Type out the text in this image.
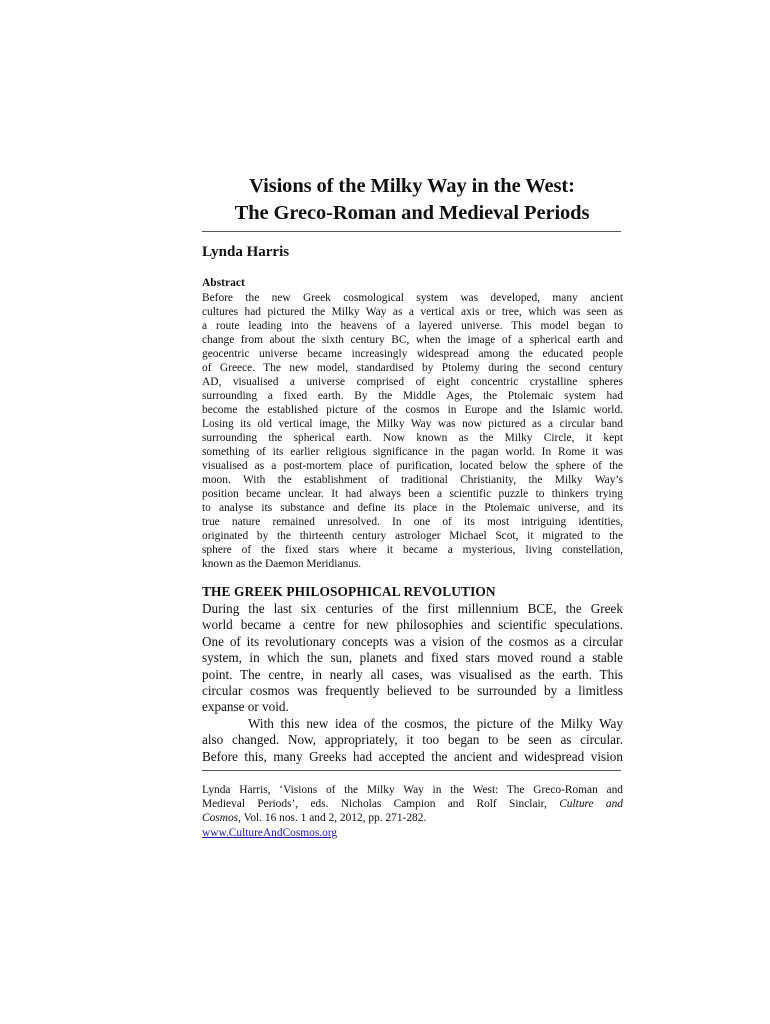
Visions of the Milky Way in the West:
The Greco-Roman and Medieval Periods
Lynda Harris
Abstract
Before the new Greek cosmological system was developed, many ancient
cultures had pictured the Milky Way as a vertical axis or tree, which was seen as
a route leading into the heavens of a layered universe. This model began to
change from about the sixth century BC, when the image of a spherical earth and
geocentric universe became increasingly widespread among the educated people
of Greece. The new model, standardised by Ptolemy during the second century
AD, visualised a universe comprised of eight concentric crystalline spheres
surrounding a fixed earth. By the Middle Ages, the Ptolemaic system had
become the established picture of the cosmos in Europe and the Islamic world.
Losing its old vertical image, the Milky Way was now pictured as a circular band
surrounding the spherical earth. Now known as the Milky Circle, it kept
something of its earlier religious significance in the pagan world. In Rome it was
visualised as a post-mortem place of purification, located below the sphere of the
moon. With the establishment of traditional Christianity, the Milky Way’s
position became unclear. It had always been a scientific puzzle to thinkers trying
to analyse its substance and define its place in the Ptolemaic universe, and its
true nature remained unresolved. In one of its most intriguing identities,
originated by the thirteenth century astrologer Michael Scot, it migrated to the
sphere of the fixed stars where it became a mysterious, living constellation,
known as the Daemon Meridianus.
THE GREEK PHILOSOPHICAL REVOLUTION
During the last six centuries of the first millennium BCE, the Greek
world became a centre for new philosophies and scientific speculations.
One of its revolutionary concepts was a vision of the cosmos as a circular
system, in which the sun, planets and fixed stars moved round a stable
point. The centre, in nearly all cases, was visualised as the earth. This
circular cosmos was frequently believed to be surrounded by a limitless
expanse or void.
With this new idea of the cosmos, the picture of the Milky Way
also changed. Now, appropriately, it too began to be seen as circular.
Before this, many Greeks had accepted the ancient and widespread vision
Lynda Harris, ‘Visions of the Milky Way in the West: The Greco-Roman and
Medieval Periods’, eds. Nicholas Campion and Rolf Sinclair, Culture and
Cosmos, Vol. 16 nos. 1 and 2, 2012, pp. 271-282.
www.CultureAndCosmos.org
